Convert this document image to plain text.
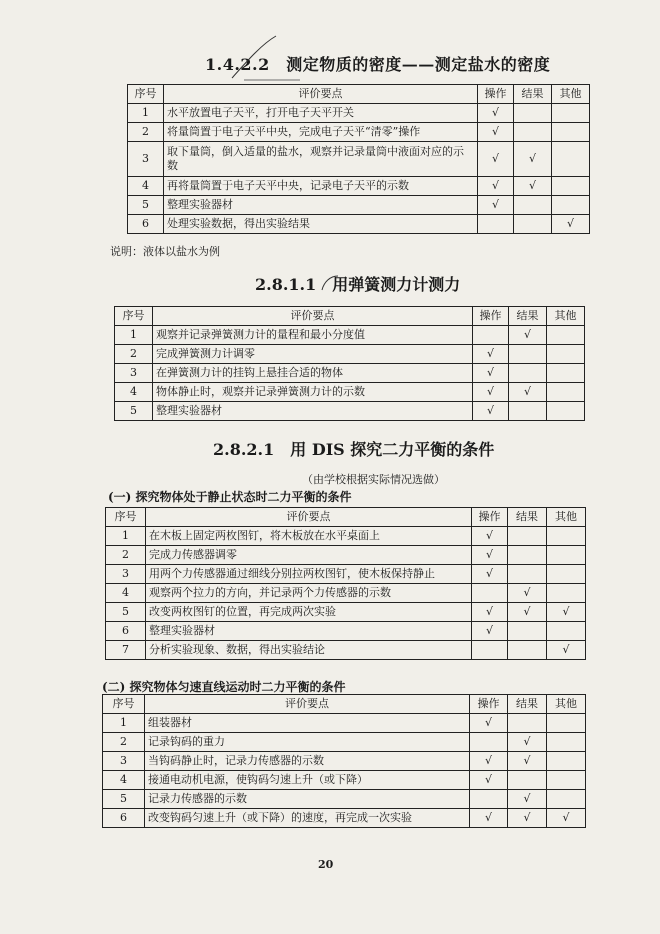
1.4.2.2　测定物质的密度——测定盐水的密度
序号	评价要点	操作	结果	其他
1	水平放置电子天平，打开电子天平开关	√		
2	将量筒置于电子天平中央，完成电子天平“清零”操作	√		
3	取下量筒，倒入适量的盐水，观察并记录量筒中液面对应的示数	√	√	
4	再将量筒置于电子天平中央，记录电子天平的示数	√	√	
5	整理实验器材	√		
6	处理实验数据，得出实验结果			√
说明：液体以盐水为例
2.8.1.1　用弹簧测力计测力
序号	评价要点	操作	结果	其他
1	观察并记录弹簧测力计的量程和最小分度值		√	
2	完成弹簧测力计调零	√		
3	在弹簧测力计的挂钩上悬挂合适的物体	√		
4	物体静止时，观察并记录弹簧测力计的示数	√	√	
5	整理实验器材	√		
2.8.2.1　用 DIS 探究二力平衡的条件
（由学校根据实际情况选做）
(一) 探究物体处于静止状态时二力平衡的条件
序号	评价要点	操作	结果	其他
1	在木板上固定两枚图钉，将木板放在水平桌面上	√		
2	完成力传感器调零	√		
3	用两个力传感器通过细线分别拉两枚图钉，使木板保持静止	√		
4	观察两个拉力的方向，并记录两个力传感器的示数		√	
5	改变两枚图钉的位置，再完成两次实验	√	√	√
6	整理实验器材	√		
7	分析实验现象、数据，得出实验结论			√
(二) 探究物体匀速直线运动时二力平衡的条件
序号	评价要点	操作	结果	其他
1	组装器材	√		
2	记录钩码的重力		√	
3	当钩码静止时，记录力传感器的示数	√	√	
4	接通电动机电源，使钩码匀速上升（或下降）	√		
5	记录力传感器的示数		√	
6	改变钩码匀速上升（或下降）的速度，再完成一次实验	√	√	√
20
